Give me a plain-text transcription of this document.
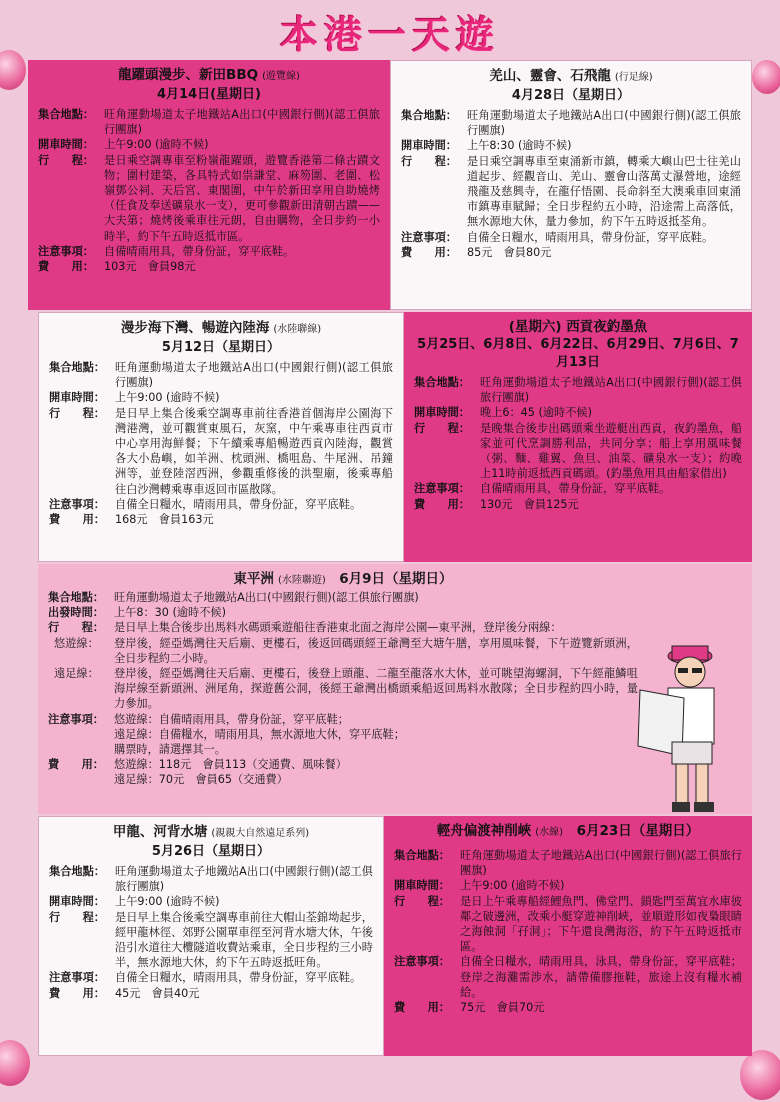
本港一天遊
龍躍頭漫步、新田BBQ (遊覽線)
4月14日(星期日)
集合地點： 旺角運動場道太子地鐵站A出口(中國銀行側)(認工俱旅行團旗)
開車時間： 上午9:00 (逾時不候)
行　　程： 是日乘空調專車至粉嶺龍躍頭，遊覽香港第二條古蹟文物；圍村建築，各具特式如祟謙堂、麻笏圍、老圍、松嶺鄧公祠、天后宮、東閣圍，中午於新田享用自助燒烤（任食及奉送礦泉水一支），更可參觀新田清朝古蹟——大夫第；燒烤後乘車往元朗，自由購物，全日步約一小時半，約下午五時返抵市區。
注意事項： 自備晴雨用具，帶身份証，穿平底鞋。
費　　用： 103元　會員98元
羌山、靈會、石飛龍 (行足線)
4月28日（星期日）
集合地點： 旺角運動場道太子地鐵站A出口(中國銀行側)(認工俱旅行團旗)
開車時間： 上午8:30 (逾時不候)
行　　程： 是日乘空調專車至東涌新市鎮，轉乘大嶼山巴士往羌山道起步、經觀音山、羌山、靈會山落萬丈瀑營地，途經飛龍及慈興寺，在龍仔悟園、長命斜至大澳乘車回東涌市鎮專車賦歸；全日步程約五小時，沿途需上高落低，無水源地大休，量力參加，約下午五時返抵荃角。
注意事項： 自備全日糧水，晴雨用具，帶身份証，穿平底鞋。
費　　用： 85元　會員80元
漫步海下灣、暢遊內陸海 (水陸聯線)
5月12日（星期日）
集合地點： 旺角運動場道太子地鐵站A出口(中國銀行側)(認工俱旅行團旗)
開車時間： 上午9:00 (逾時不候)
行　　程： 是日早上集合後乘空調專車前往香港首個海岸公園海下灣港灣，並可觀賞東風石，灰窯，中午乘專車往西貢市中心享用海鮮餐；下午續乘專船暢遊西貢內陸海，觀賞各大小島嶼，如羊洲、枕頭洲、橋咀島、牛尾洲、吊鐘洲等，並登陸滘西洲，參觀重修後的洪聖廟，後乘專船往白沙灣轉乘專車返回市區散隊。
注意事項： 自備全日糧水，晴雨用具，帶身份証，穿平底鞋。
費　　用： 168元　會員163元
(星期六) 西貢夜釣墨魚
5月25日、6月8日、6月22日、6月29日、7月6日、7月13日
集合地點： 旺角運動場道太子地鐵站A出口(中國銀行側)(認工俱旅行團旗)
開車時間： 晚上6：45 (逾時不候)
行　　程： 是晚集合後步出碼頭乘坐遊艇出西貢，夜釣墨魚，船家並可代烹調勝利品，共同分享；船上享用風味餐（粥、麵、雞翼、魚旦、油菜、礦泉水一支）；約晚上11時前返抵西貢碼頭。(釣墨魚用具由船家借出)
注意事項： 自備晴雨用具，帶身份証，穿平底鞋。
費　　用： 130元　會員125元
東平洲 (水陸聯遊)　 6月9日（星期日）
集合地點： 旺角運動場道太子地鐵站A出口(中國銀行側)(認工俱旅行團旗)
出發時間： 上午8：30 (逾時不候)
行　　程： 是日早上集合後步出馬料水碼頭乘遊船往香港東北面之海岸公園—東平洲，登岸後分兩線：
悠遊線：	登岸後，經亞媽灣往天后廟、更樓石，後返回碼頭經王爺灣至大塘午膳，享用風味餐，下午遊覽新頭洲，全日步程約二小時。
遠足線：	登岸後，經亞媽灣往天后廟、更樓石，後登上頭龍、二龍至龍落水大休，並可眺望海螺洞，下午經龍鱗咀海岸線至新頭洲、洲尾角，探遊舊公洞，後經王爺灣出橋頭乘船返回馬料水散隊；全日步程約四小時，量力參加。
注意事項： 悠遊線：自備晴雨用具，帶身份証，穿平底鞋；
遠足線：自備糧水，晴雨用具，無水源地大休，穿平底鞋；
購票時，請選擇其一。
費　　用： 悠遊線：118元　會員113（交通費、風味餐）
遠足線：70元　會員65（交通費）
甲龍、河背水塘 (親親大自然遠足系列)
5月26日（星期日）
集合地點： 旺角運動場道太子地鐵站A出口(中國銀行側)(認工俱旅行團旗)
開車時間： 上午9:00 (逾時不候)
行　　程： 是日早上集合後乘空調專車前往大帽山荃錦坳起步，經甲龍林徑、郊野公園單車徑至河背水塘大休，午後沿引水道往大欖隧道收費站乘車，全日步程約三小時半，無水源地大休，約下午五時返抵旺角。
注意事項： 自備全日糧水，晴雨用具，帶身份証，穿平底鞋。
費　　用： 45元　會員40元
輕舟偏渡神削峽 (水線)　 6月23日（星期日）
集合地點： 旺角運動場道太子地鐵站A出口(中國銀行側)(認工俱旅行團旗)
開車時間： 上午9:00 (逾時不候)
行　　程： 是日上午乘專船經鯉魚門、佛堂門、鎖匙門至萬宜水庫彼鄰之破邊洲，改乘小艇穿遊神削峽，並順遊形如夜梟眼睛之海蝕洞「孖洞」；下午還良灣海浴，約下午五時返抵市區。
注意事項： 自備全日糧水，晴雨用具，泳具，帶身份証，穿平底鞋；登岸之海灘需涉水，請帶備膠拖鞋，旅途上沒有糧水補給。
費　　用： 75元　會員70元
